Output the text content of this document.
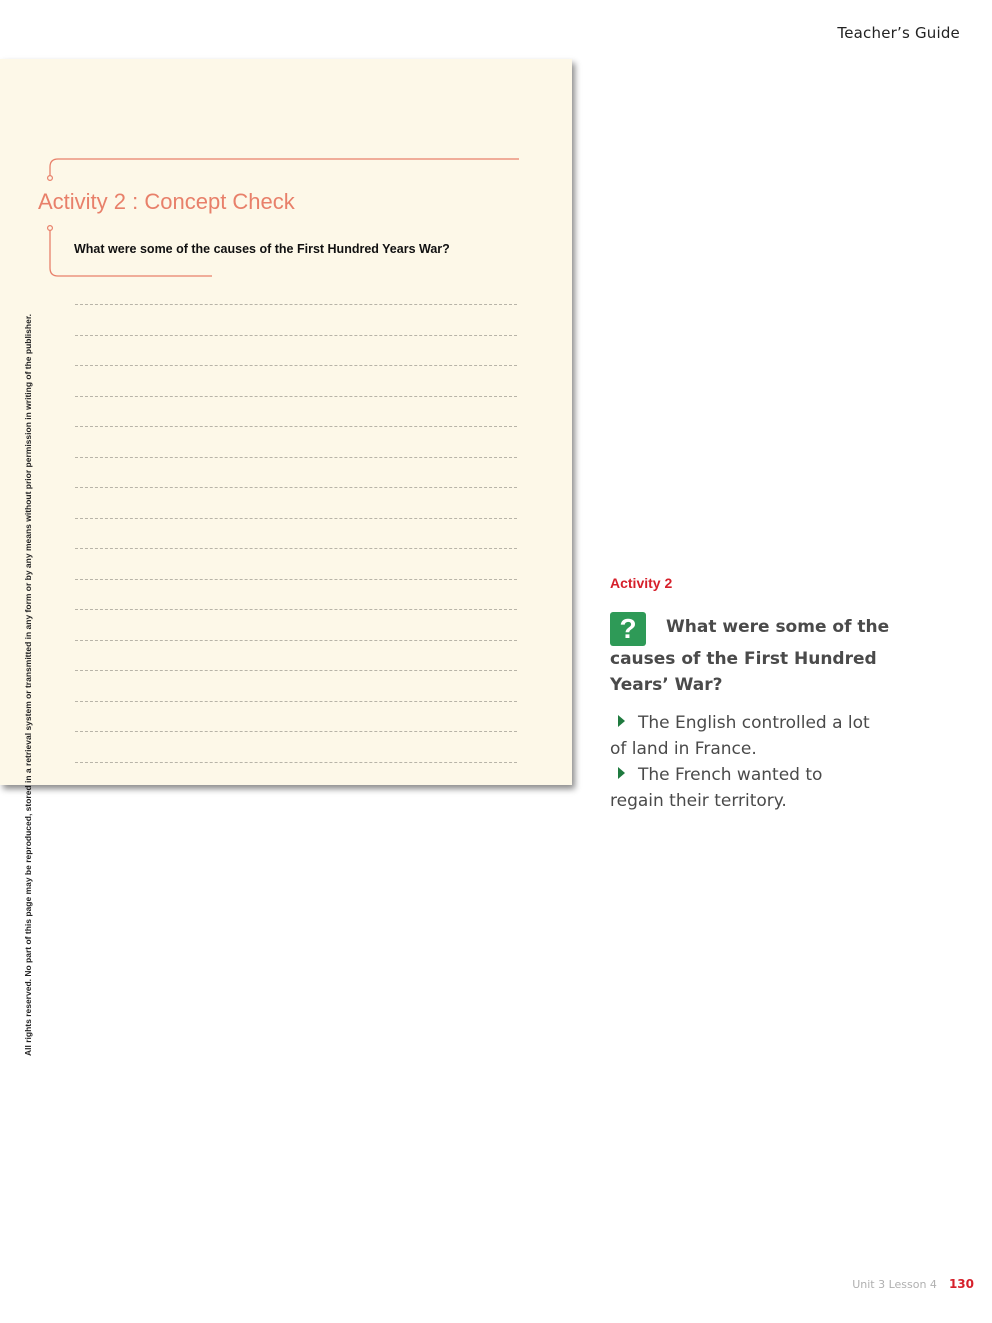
Teacher’s Guide
Activity 2 : Concept Check
What were some of the causes of the First Hundred Years War?
All rights reserved. No part of this page may be reproduced, stored in a retrieval system or transmitted in any form or by any means without prior permission in writing of the publisher.	Activity 2
? What were some of the causes of the First Hundred Years’ War?
The English controlled a lot of land in France.
The French wanted to regain their territory.
Unit 3 Lesson 4 130
